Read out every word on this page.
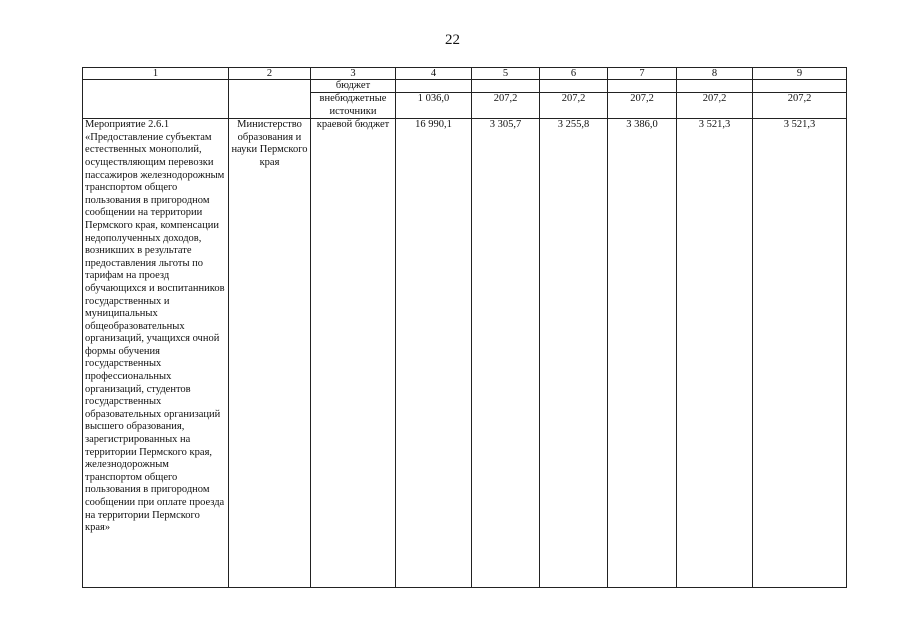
22
1	2	3	4	5	6	7	8	9
		бюджет						
		внебюджетные источники	1 036,0	207,2	207,2	207,2	207,2	207,2
Мероприятие 2.6.1 «Предоставление субъектам естественных монополий, осуществляющим перевозки пассажиров железнодорожным транспортом общего пользования в пригородном сообщении на территории Пермского края, компенсации недополученных доходов, возникших в результате предоставления льготы по тарифам на проезд обучающихся и воспитанников государственных и муниципальных общеобразовательных организаций, учащихся очной формы обучения государственных профессиональных организаций, студентов государственных образовательных организаций высшего образования, зарегистрированных на территории Пермского края, железнодорожным транспортом общего пользования в пригородном сообщении при оплате проезда на территории Пермского края»	Министерство образования и науки Пермского края	краевой бюджет	16 990,1	3 305,7	3 255,8	3 386,0	3 521,3	3 521,3
